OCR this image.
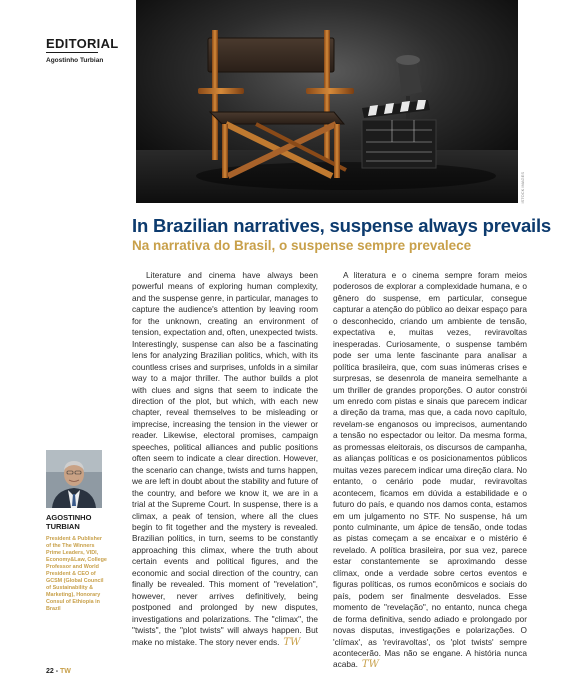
EDITORIAL
Agostinho Turbian
ISTOCK IMAGES
In Brazilian narratives, suspense always prevails
Na narrativa do Brasil, o suspense sempre prevalece
Literature and cinema have always been powerful means of exploring human complexity, and the suspense genre, in particular, manages to capture the audience's attention by leaving room for the unknown, creating an environment of tension, expectation and, often, unexpected twists. Interestingly, suspense can also be a fascinating lens for analyzing Brazilian politics, which, with its countless crises and surprises, unfolds in a similar way to a major thriller. The author builds a plot with clues and signs that seem to indicate the direction of the plot, but which, with each new chapter, reveal themselves to be misleading or imprecise, increasing the tension in the viewer or reader. Likewise, electoral promises, campaign speeches, political alliances and public positions often seem to indicate a clear direction. However, the scenario can change, twists and turns happen, we are left in doubt about the stability and future of the country, and before we know it, we are in a trial at the Supreme Court. In suspense, there is a climax, a peak of tension, where all the clues begin to fit together and the mystery is revealed. Brazilian politics, in turn, seems to be constantly approaching this climax, where the truth about certain events and political figures, and the economic and social direction of the country, can finally be revealed. This moment of "revelation", however, never arrives definitively, being postponed and prolonged by new disputes, investigations and polarizations. The "climax", the "twists", the "plot twists" will always happen. But make no mistake. The story never ends. TW
A literatura e o cinema sempre foram meios poderosos de explorar a complexidade humana, e o gênero do suspense, em particular, consegue capturar a atenção do público ao deixar espaço para o desconhecido, criando um ambiente de tensão, expectativa e, muitas vezes, reviravoltas inesperadas. Curiosamente, o suspense também pode ser uma lente fascinante para analisar a política brasileira, que, com suas inúmeras crises e surpresas, se desenrola de maneira semelhante a um thriller de grandes proporções. O autor constrói um enredo com pistas e sinais que parecem indicar a direção da trama, mas que, a cada novo capítulo, revelam-se enganosos ou imprecisos, aumentando a tensão no espectador ou leitor. Da mesma forma, as promessas eleitorais, os discursos de campanha, as alianças políticas e os posicionamentos públicos muitas vezes parecem indicar uma direção clara. No entanto, o cenário pode mudar, reviravoltas acontecem, ficamos em dúvida a estabilidade e o futuro do país, e quando nos damos conta, estamos em um julgamento no STF. No suspense, há um ponto culminante, um ápice de tensão, onde todas as pistas começam a se encaixar e o mistério é revelado. A política brasileira, por sua vez, parece estar constantemente se aproximando desse clímax, onde a verdade sobre certos eventos e figuras políticas, os rumos econômicos e sociais do país, podem ser finalmente desvelados. Esse momento de "revelação", no entanto, nunca chega de forma definitiva, sendo adiado e prolongado por novas disputas, investigações e polarizações. O 'clímax', as 'reviravoltas', os 'plot twists' sempre acontecerão. Mas não se engane. A história nunca acaba. TW
AGOSTINHO
TURBIAN
President & Publisher of the The Winners Prime Leaders, VIDI, Economy&Law, College Professor and World President & CEO of GCSM (Global Council of Sustainability & Marketing), Honorary Consul of Ethiopia in Brazil
22 - TW
